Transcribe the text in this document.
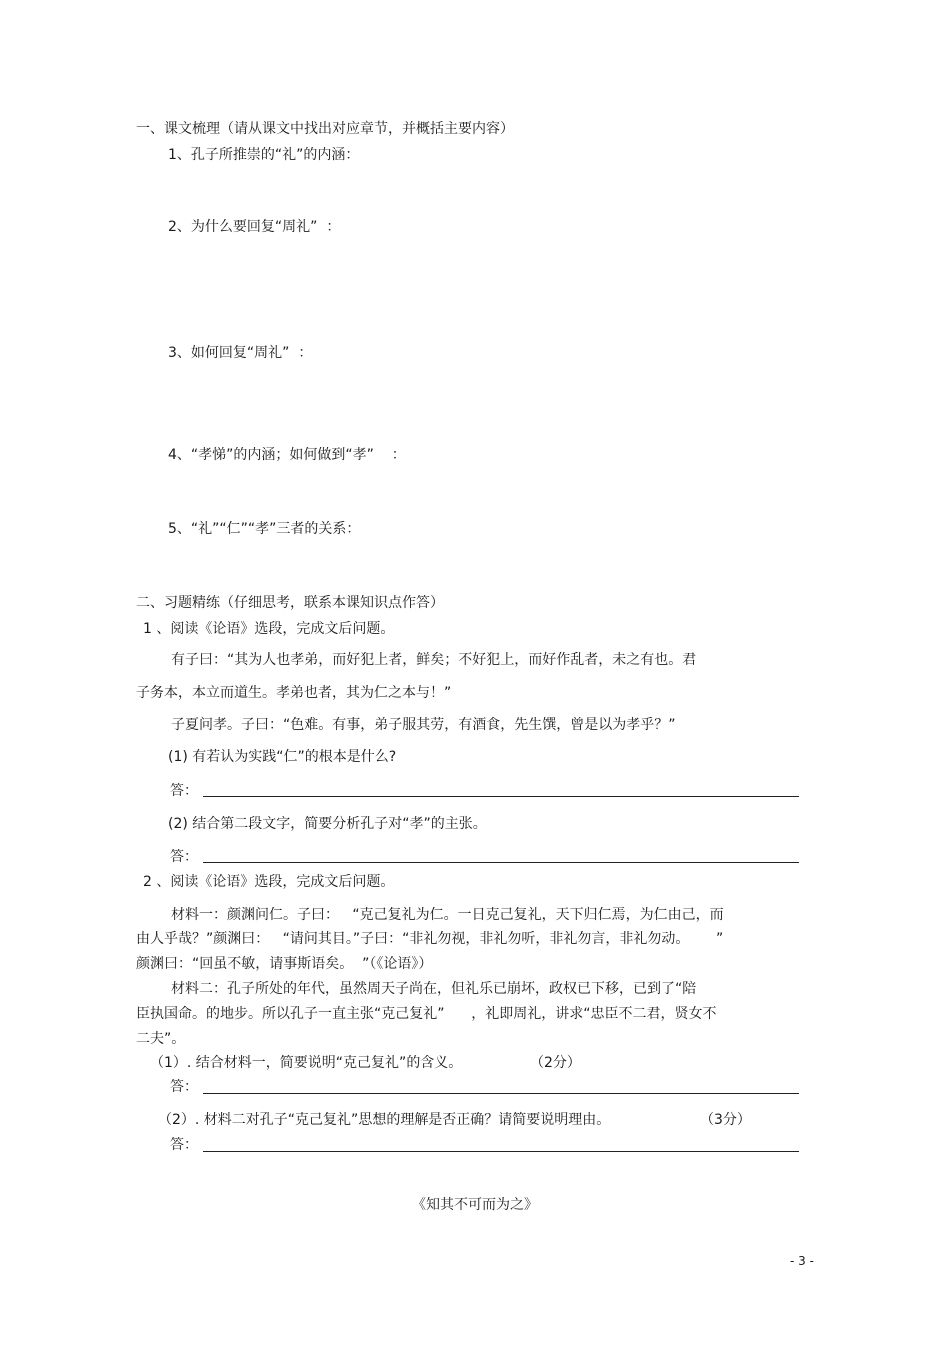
一、课文梳理（请从课文中找出对应章节，并概括主要内容）
1、孔子所推崇的“礼”的内涵：
2、为什么要回复“周礼”  ：
3、如何回复“周礼”  ：
4、“孝悌”的内涵；如何做到“孝”    ：
5、“礼”“仁”“孝”三者的关系：
二、习题精练（仔细思考，联系本课知识点作答）
1 、阅读《论语》选段，完成文后问题。
有子曰：“其为人也孝弟，而好犯上者，鲜矣；不好犯上，而好作乱者，未之有也。君
子务本，本立而道生。孝弟也者，其为仁之本与！”
子夏问孝。子曰：“色难。有事，弟子服其劳，有酒食，先生馔，曾是以为孝乎？”
(1) 有若认为实践“仁”的根本是什么?
答：
(2) 结合第二段文字，简要分析孔子对“孝”的主张。
答：
2 、阅读《论语》选段，完成文后问题。
材料一：颜渊问仁。子曰：   “克己复礼为仁。一日克己复礼，天下归仁焉，为仁由己，而
由人乎哉？”颜渊曰：   “请问其目。”子曰：“非礼勿视，非礼勿听，非礼勿言，非礼勿动。      ”
颜渊曰：“回虽不敏，请事斯语矣。  ”（《论语》）
材料二：孔子所处的年代，虽然周天子尚在，但礼乐已崩坏，政权已下移，已到了“陪
臣执国命。的地步。所以孔子一直主张“克己复礼”      ，礼即周礼，讲求“忠臣不二君，贤女不
二夫”。
（1）. 结合材料一，简要说明“克己复礼”的含义。	（2分）
答：
（2）. 材料二对孔子“克己复礼”思想的理解是否正确？请简要说明理由。	（3分）
答：
《知其不可而为之》
- 3 -
